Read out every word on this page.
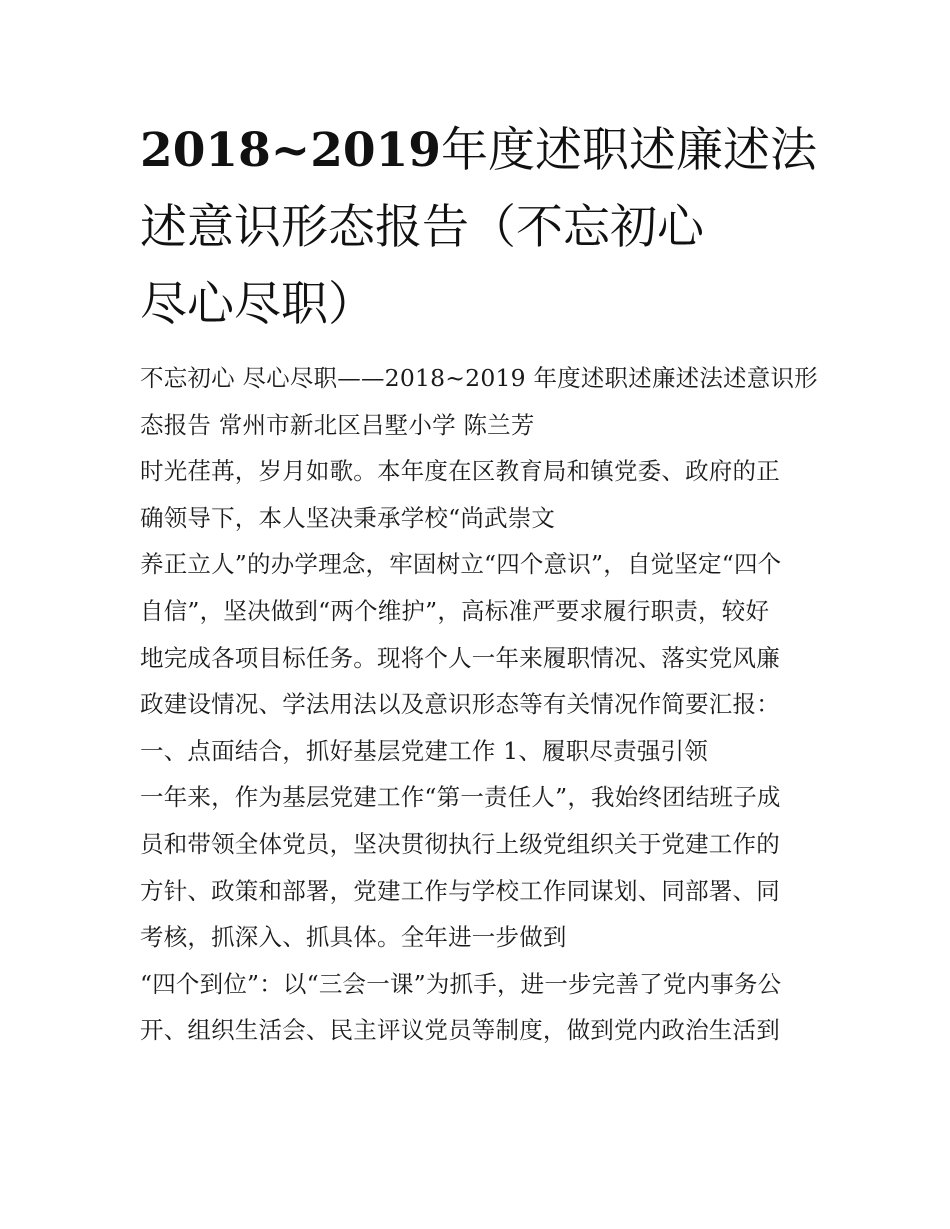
2018~2019年度述职述廉述法
述意识形态报告（不忘初心
尽心尽职）
不忘初心 尽心尽职——2018~2019 年度述职述廉述法述意识形
态报告 常州市新北区吕墅小学 陈兰芳
时光荏苒，岁月如歌。本年度在区教育局和镇党委、政府的正
确领导下，本人坚决秉承学校“尚武崇文
养正立人”的办学理念，牢固树立“四个意识”，自觉坚定“四个
自信”，坚决做到“两个维护”，高标准严要求履行职责，较好
地完成各项目标任务。现将个人一年来履职情况、落实党风廉
政建设情况、学法用法以及意识形态等有关情况作简要汇报：
一、点面结合，抓好基层党建工作 1、履职尽责强引领
一年来，作为基层党建工作“第一责任人”，我始终团结班子成
员和带领全体党员，坚决贯彻执行上级党组织关于党建工作的
方针、政策和部署，党建工作与学校工作同谋划、同部署、同
考核，抓深入、抓具体。全年进一步做到
“四个到位”：以“三会一课”为抓手，进一步完善了党内事务公
开、组织生活会、民主评议党员等制度，做到党内政治生活到
